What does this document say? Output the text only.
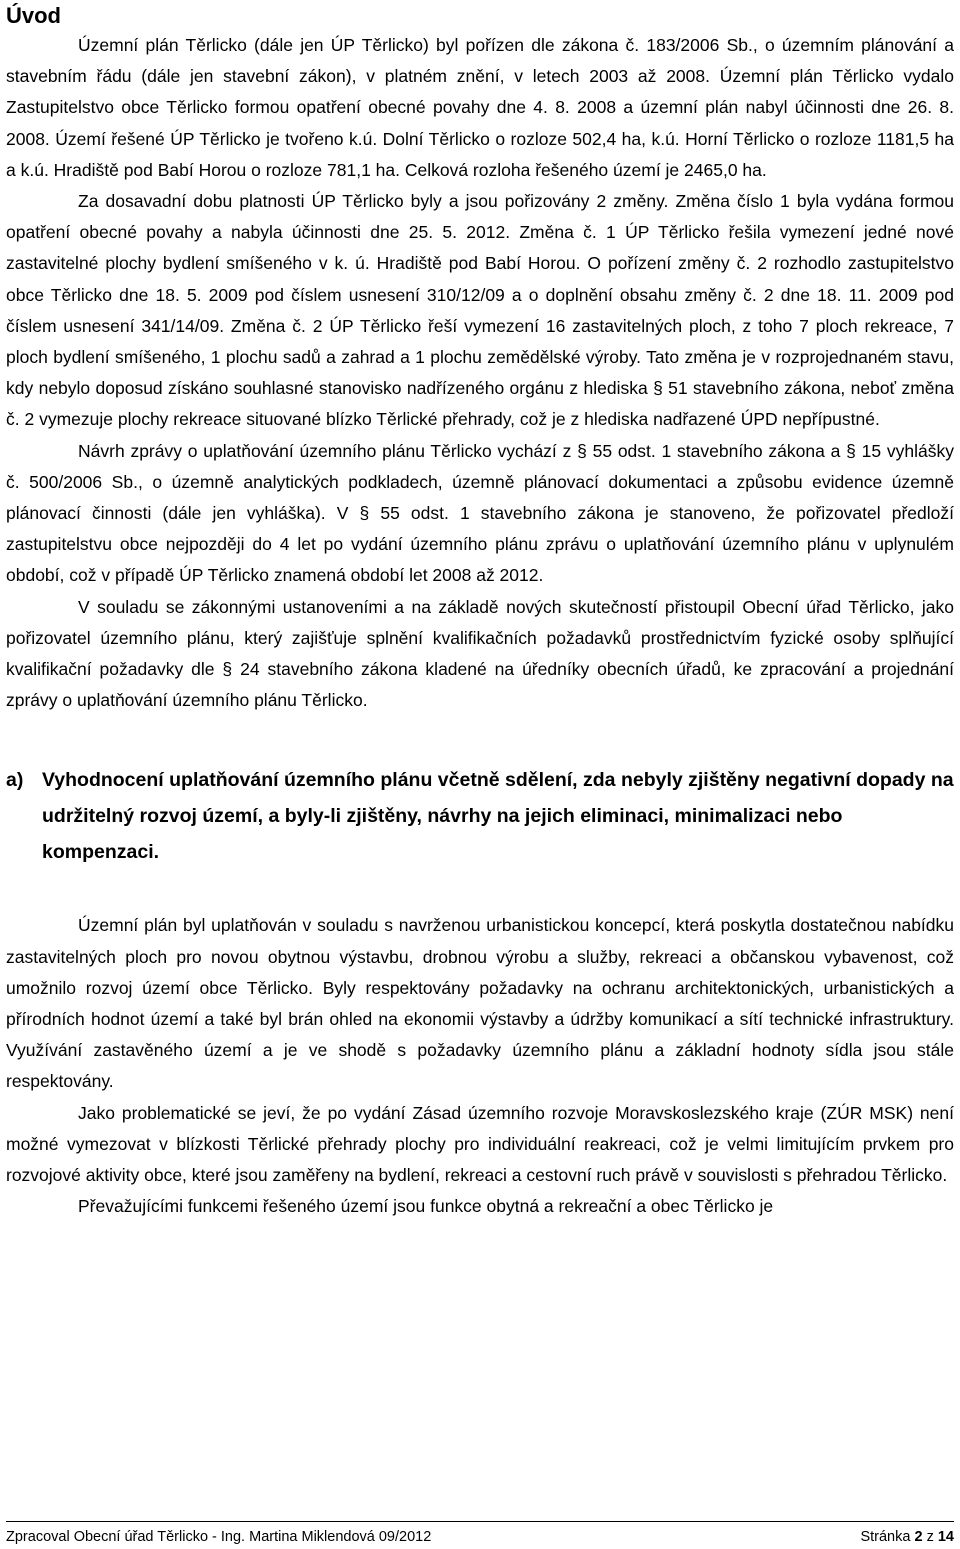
Úvod

Územní plán Těrlicko (dále jen ÚP Těrlicko) byl pořízen dle zákona č. 183/2006 Sb., o územním plánování a stavebním řádu (dále jen stavební zákon), v platném znění, v letech 2003 až 2008. Územní plán Těrlicko vydalo Zastupitelstvo obce Těrlicko formou opatření obecné povahy dne 4. 8. 2008 a územní plán nabyl účinnosti dne 26. 8. 2008. Území řešené ÚP Těrlicko je tvořeno k.ú. Dolní Těrlicko o rozloze 502,4 ha, k.ú. Horní Těrlicko o rozloze 1181,5 ha a k.ú. Hradiště pod Babí Horou o rozloze 781,1 ha. Celková rozloha řešeného území je 2465,0 ha.

Za dosavadní dobu platnosti ÚP Těrlicko byly a jsou pořizovány 2 změny. Změna číslo 1 byla vydána formou opatření obecné povahy a nabyla účinnosti dne 25. 5. 2012. Změna č. 1 ÚP Těrlicko řešila vymezení jedné nové zastavitelné plochy bydlení smíšeného v k. ú. Hradiště pod Babí Horou. O pořízení změny č. 2 rozhodlo zastupitelstvo obce Těrlicko dne 18. 5. 2009 pod číslem usnesení 310/12/09 a o doplnění obsahu změny č. 2 dne 18. 11. 2009 pod číslem usnesení 341/14/09. Změna č. 2 ÚP Těrlicko řeší vymezení 16 zastavitelných ploch, z toho 7 ploch rekreace, 7 ploch bydlení smíšeného, 1 plochu sadů a zahrad a 1 plochu zemědělské výroby. Tato změna je v rozprojednaném stavu, kdy nebylo doposud získáno souhlasné stanovisko nadřízeného orgánu z hlediska § 51 stavebního zákona, neboť změna č. 2 vymezuje plochy rekreace situované blízko Těrlické přehrady, což je z hlediska nadřazené ÚPD nepřípustné.

Návrh zprávy o uplatňování územního plánu Těrlicko vychází z § 55 odst. 1 stavebního zákona a § 15 vyhlášky č. 500/2006 Sb., o územně analytických podkladech, územně plánovací dokumentaci a způsobu evidence územně plánovací činnosti (dále jen vyhláška). V § 55 odst. 1 stavebního zákona je stanoveno, že pořizovatel předloží zastupitelstvu obce nejpozději do 4 let po vydání územního plánu zprávu o uplatňování územního plánu v uplynulém období, což v případě ÚP Těrlicko znamená období let 2008 až 2012.

V souladu se zákonnými ustanoveními a na základě nových skutečností přistoupil Obecní úřad Těrlicko, jako pořizovatel územního plánu, který zajišťuje splnění kvalifikačních požadavků prostřednictvím fyzické osoby splňující kvalifikační požadavky dle § 24 stavebního zákona kladené na úředníky obecních úřadů, ke zpracování a projednání zprávy o uplatňování územního plánu Těrlicko.

a) Vyhodnocení uplatňování územního plánu včetně sdělení, zda nebyly zjištěny negativní dopady na udržitelný rozvoj území, a byly-li zjištěny, návrhy na jejich eliminaci, minimalizaci nebo kompenzaci.

Územní plán byl uplatňován v souladu s navrženou urbanistickou koncepcí, která poskytla dostatečnou nabídku zastavitelných ploch pro novou obytnou výstavbu, drobnou výrobu a služby, rekreaci a občanskou vybavenost, což umožnilo rozvoj území obce Těrlicko. Byly respektovány požadavky na ochranu architektonických, urbanistických a přírodních hodnot území a také byl brán ohled na ekonomii výstavby a údržby komunikací a sítí technické infrastruktury. Využívání zastavěného území a je ve shodě s požadavky územního plánu a základní hodnoty sídla jsou stále respektovány.

Jako problematické se jeví, že po vydání Zásad územního rozvoje Moravskoslezského kraje (ZÚR MSK) není možné vymezovat v blízkosti Těrlické přehrady plochy pro individuální reakreaci, což je velmi limitujícím prvkem pro rozvojové aktivity obce, které jsou zaměřeny na bydlení, rekreaci a cestovní ruch právě v souvislosti s přehradou Těrlicko.

Převažujícími funkcemi řešeného území jsou funkce obytná a rekreační a obec Těrlicko je

Zpracoval Obecní úřad Těrlicko - Ing. Martina Miklendová 09/2012	Stránka 2 z 14
